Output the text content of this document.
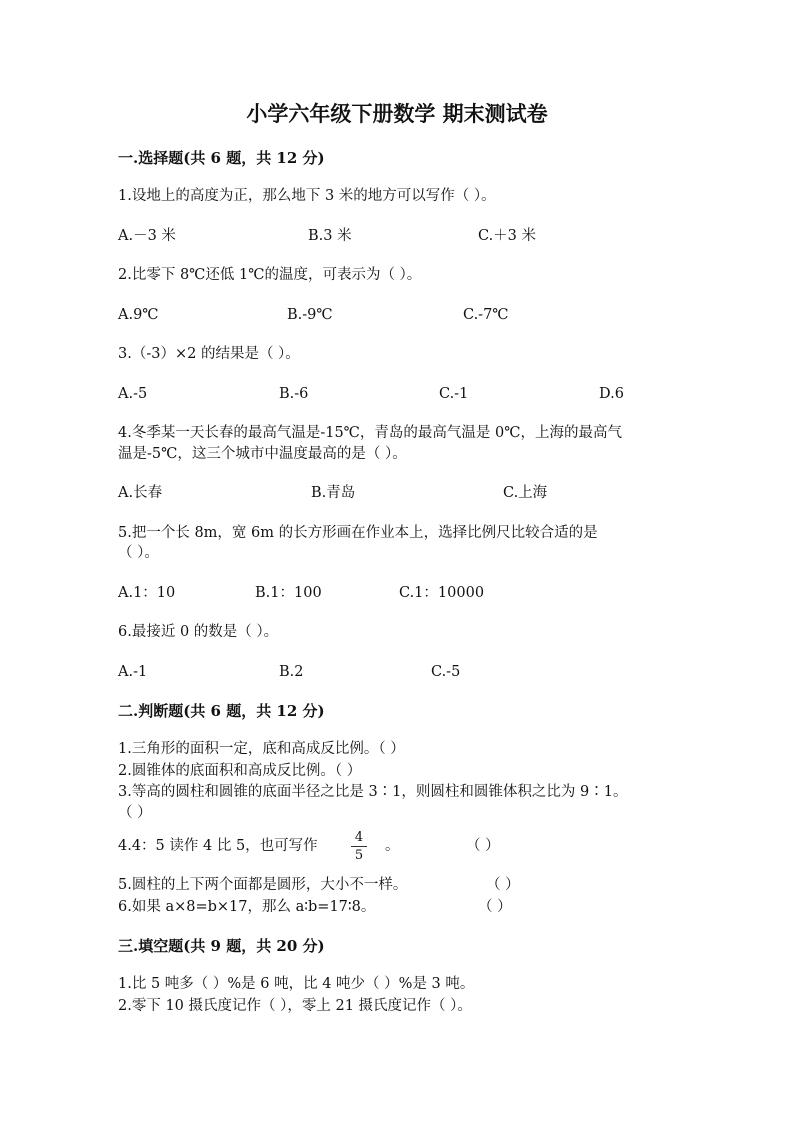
小学六年级下册数学 期末测试卷
一.选择题(共 6 题，共 12 分)
1.设地上的高度为正，那么地下 3 米的地方可以写作（ ）。
A.－3 米	B.3 米	C.＋3 米
2.比零下 8℃还低 1℃的温度，可表示为（ ）。
A.9℃	B.-9℃	C.-7℃
3.（-3）×2 的结果是（ ）。
A.-5	B.-6	C.-1	D.6
4.冬季某一天长春的最高气温是-15℃，青岛的最高气温是 0℃，上海的最高气
温是-5℃，这三个城市中温度最高的是（ ）。
A.长春	B.青岛	C.上海
5.把一个长 8m，宽 6m 的长方形画在作业本上，选择比例尺比较合适的是
（ ）。
A.1：10	B.1：100	C.1：10000
6.最接近 0 的数是（ ）。
A.-1	B.2	C.-5
二.判断题(共 6 题，共 12 分)
1.三角形的面积一定，底和高成反比例。（ ）
2.圆锥体的底面积和高成反比例。（ ）
3.等高的圆柱和圆锥的底面半径之比是 3∶1，则圆柱和圆锥体积之比为 9∶1。
（ ）
4.4：5 读作 4 比 5，也可写作
4
5
。	（ ）
5.圆柱的上下两个面都是圆形，大小不一样。	（ ）
6.如果 a×8=b×17，那么 a∶b=17∶8。	（ ）
三.填空题(共 9 题，共 20 分)
1.比 5 吨多（ ）%是 6 吨，比 4 吨少（ ）%是 3 吨。
2.零下 10 摄氏度记作（ ），零上 21 摄氏度记作（ ）。
